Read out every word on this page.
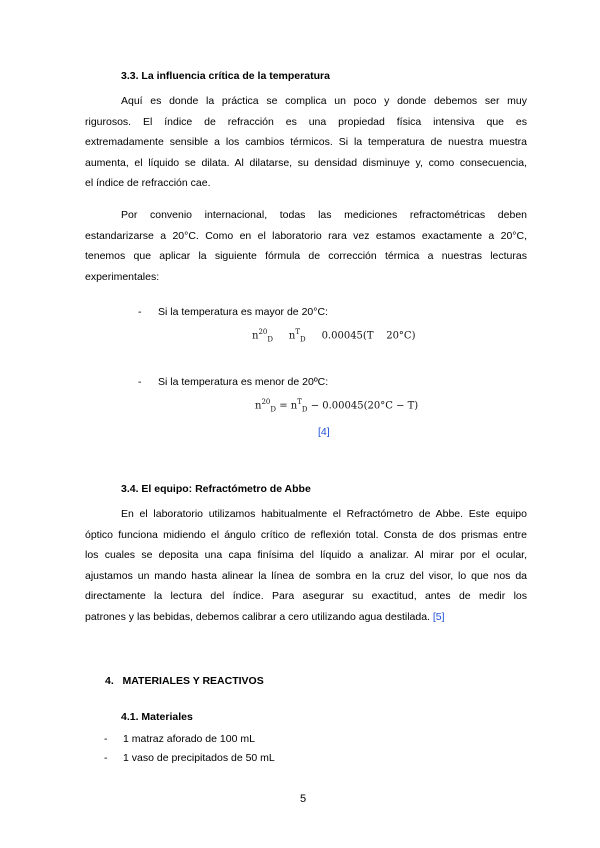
3.3. La influencia crítica de la temperatura
Aquí es donde la práctica se complica un poco y donde debemos ser muy
rigurosos. El índice de refracción es una propiedad física intensiva que es
extremadamente sensible a los cambios térmicos. Si la temperatura de nuestra muestra
aumenta, el líquido se dilata. Al dilatarse, su densidad disminuye y, como consecuencia,
el índice de refracción cae.
Por convenio internacional, todas las mediciones refractométricas deben
estandarizarse a 20°C. Como en el laboratorio rara vez estamos exactamente a 20°C,
tenemos que aplicar la siguiente fórmula de corrección térmica a nuestras lecturas
experimentales:
- Si la temperatura es mayor de 20°C:
$n^{20}_D$ $n^T_D$ 0.00045(T    20°C)
- Si la temperatura es menor de 20ºC:
$n^{20}_D = n^T_D - 0.00045(20^\circ C - T)$
[4]
3.4. El equipo: Refractómetro de Abbe
En el laboratorio utilizamos habitualmente el Refractómetro de Abbe. Este equipo
óptico funciona midiendo el ángulo crítico de reflexión total. Consta de dos prismas entre
los cuales se deposita una capa finísima del líquido a analizar. Al mirar por el ocular,
ajustamos un mando hasta alinear la línea de sombra en la cruz del visor, lo que nos da
directamente la lectura del índice. Para asegurar su exactitud, antes de medir los
patrones y las bebidas, debemos calibrar a cero utilizando agua destilada. [5]
4.   MATERIALES Y REACTIVOS
4.1. Materiales
- 1 matraz aforado de 100 mL
- 1 vaso de precipitados de 50 mL
5
